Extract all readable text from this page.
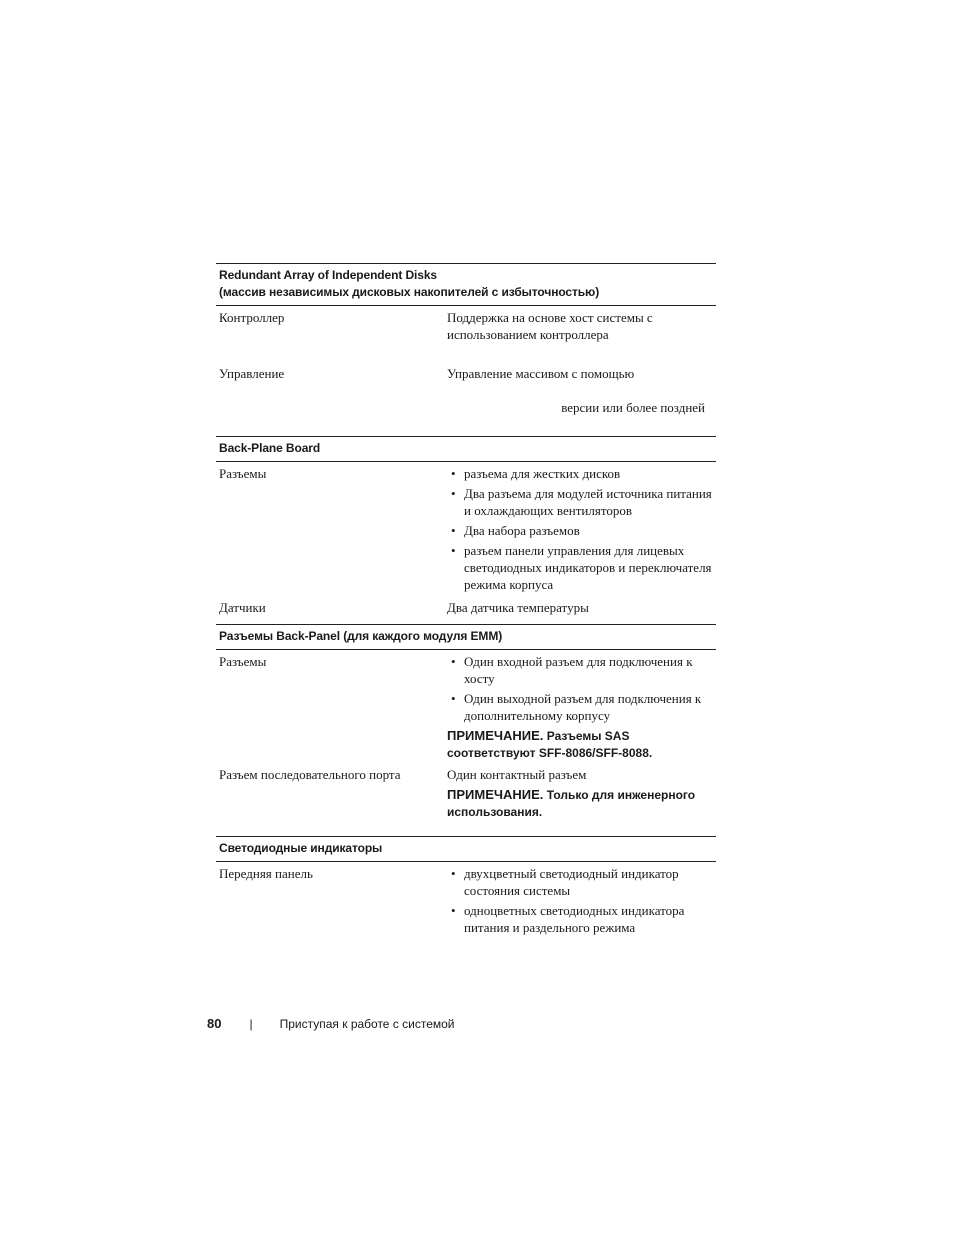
Redundant Array of Independent Disks
(массив независимых дисковых накопителей с избыточностью)
Контроллер	Поддержка на основе хост системы с использованием контроллера
Управление	Управление массивом с помощью
версии или более поздней
Back-Plane Board
Разъемы	• разъема для жестких дисков
• Два разъема для модулей источника питания и охлаждающих вентиляторов
• Два набора разъемов
• разъем панели управления для лицевых светодиодных индикаторов и переключателя режима корпуса
Датчики	Два датчика температуры
Разъемы Back-Panel (для каждого модуля EMM)
Разъемы	• Один входной разъем для подключения к хосту
• Один выходной разъем для подключения к дополнительному корпусу
ПРИМЕЧАНИЕ. Разъемы SAS соответствуют SFF-8086/SFF-8088.
Разъем последовательного порта	Один контактный разъем
ПРИМЕЧАНИЕ. Только для инженерного использования.
Светодиодные индикаторы
Передняя панель	• двухцветный светодиодный индикатор состояния системы
• одноцветных светодиодных индикатора питания и раздельного режима
80 | Приступая к работе с системой
